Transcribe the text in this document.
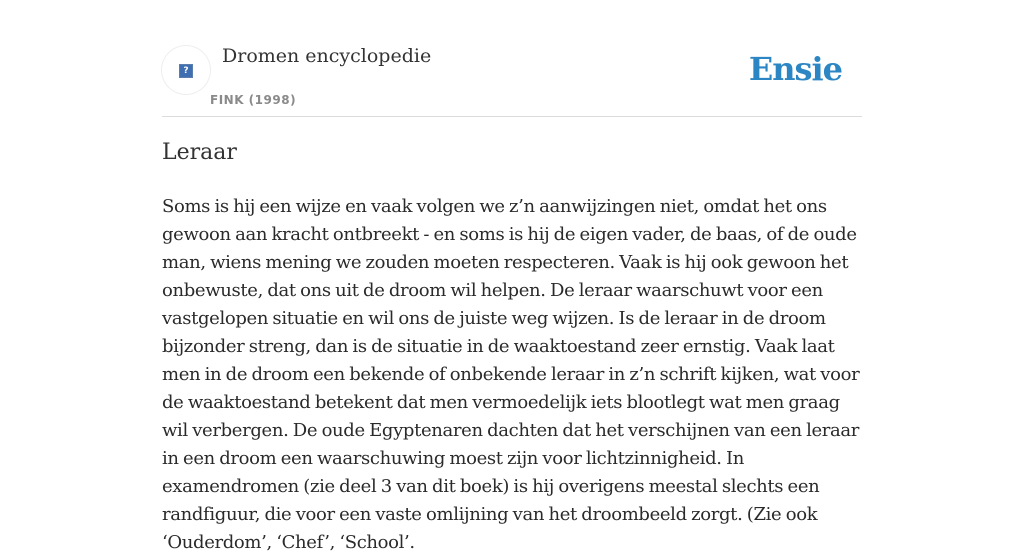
?
Dromen encyclopedie
FINK (1998)
Ensie
Leraar

Soms is hij een wijze en vaak volgen we z’n aanwijzingen niet, omdat het ons gewoon aan kracht ontbreekt - en soms is hij de eigen vader, de baas, of de oude man, wiens mening we zouden moeten respecteren. Vaak is hij ook gewoon het onbewuste, dat ons uit de droom wil helpen. De leraar waarschuwt voor een vastgelopen situatie en wil ons de juiste weg wijzen. Is de leraar in de droom bijzonder streng, dan is de situatie in de waaktoestand zeer ernstig. Vaak laat men in de droom een bekende of onbekende leraar in z’n schrift kijken, wat voor de waaktoestand betekent dat men vermoedelijk iets blootlegt wat men graag wil verbergen. De oude Egyptenaren dachten dat het verschijnen van een leraar in een droom een waarschuwing moest zijn voor lichtzinnigheid. In examendromen (zie deel 3 van dit boek) is hij overigens meestal slechts een randfiguur, die voor een vaste omlijning van het droombeeld zorgt. (Zie ook ‘Ouderdom’, ‘Chef’, ‘School’.
